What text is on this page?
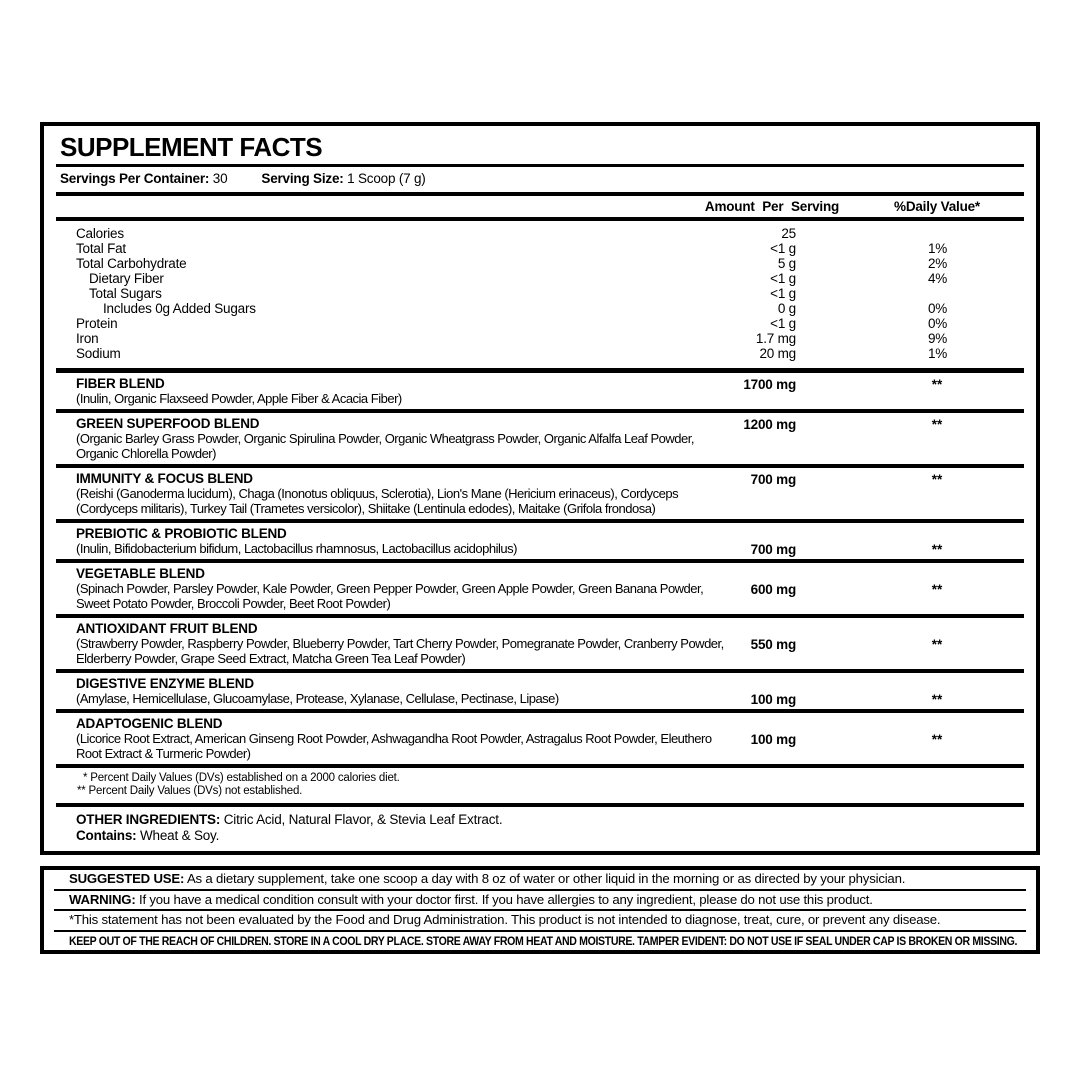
SUPPLEMENT FACTS
Servings Per Container: 30	Serving Size: 1 Scoop (7 g)
Amount Per Serving	%Daily Value*
Calories	25
Total Fat	<1 g	1%
Total Carbohydrate	5 g	2%
Dietary Fiber	<1 g	4%
Total Sugars	<1 g
Includes 0g Added Sugars	0 g	0%
Protein	<1 g	0%
Iron	1.7 mg	9%
Sodium	20 mg	1%
FIBER BLEND
(Inulin, Organic Flaxseed Powder, Apple Fiber & Acacia Fiber)
1700 mg	**
GREEN SUPERFOOD BLEND
(Organic Barley Grass Powder, Organic Spirulina Powder, Organic Wheatgrass Powder, Organic Alfalfa Leaf Powder, Organic Chlorella Powder)
1200 mg	**
IMMUNITY & FOCUS BLEND
(Reishi (Ganoderma lucidum), Chaga (Inonotus obliquus, Sclerotia), Lion's Mane (Hericium erinaceus), Cordyceps (Cordyceps militaris), Turkey Tail (Trametes versicolor), Shiitake (Lentinula edodes), Maitake (Grifola frondosa)
700 mg	**
PREBIOTIC & PROBIOTIC BLEND
(Inulin, Bifidobacterium bifidum, Lactobacillus rhamnosus, Lactobacillus acidophilus)	700 mg	**
VEGETABLE BLEND
(Spinach Powder, Parsley Powder, Kale Powder, Green Pepper Powder, Green Apple Powder, Green Banana Powder, Sweet Potato Powder, Broccoli Powder, Beet Root Powder)
600 mg	**
ANTIOXIDANT FRUIT BLEND
(Strawberry Powder, Raspberry Powder, Blueberry Powder, Tart Cherry Powder, Pomegranate Powder, Cranberry Powder, Elderberry Powder, Grape Seed Extract, Matcha Green Tea Leaf Powder)
550 mg	**
DIGESTIVE ENZYME BLEND
(Amylase, Hemicellulase, Glucoamylase, Protease, Xylanase, Cellulase, Pectinase, Lipase)	100 mg	**
ADAPTOGENIC BLEND
(Licorice Root Extract, American Ginseng Root Powder, Ashwagandha Root Powder, Astragalus Root Powder, Eleuthero Root Extract & Turmeric Powder)
100 mg	**
* Percent Daily Values (DVs) established on a 2000 calories diet.
** Percent Daily Values (DVs) not established.
OTHER INGREDIENTS: Citric Acid, Natural Flavor, & Stevia Leaf Extract.
Contains: Wheat & Soy.
SUGGESTED USE: As a dietary supplement, take one scoop a day with 8 oz of water or other liquid in the morning or as directed by your physician.
WARNING: If you have a medical condition consult with your doctor first. If you have allergies to any ingredient, please do not use this product.
*This statement has not been evaluated by the Food and Drug Administration. This product is not intended to diagnose, treat, cure, or prevent any disease.
KEEP OUT OF THE REACH OF CHILDREN. STORE IN A COOL DRY PLACE. STORE AWAY FROM HEAT AND MOISTURE. TAMPER EVIDENT: DO NOT USE IF SEAL UNDER CAP IS BROKEN OR MISSING.
